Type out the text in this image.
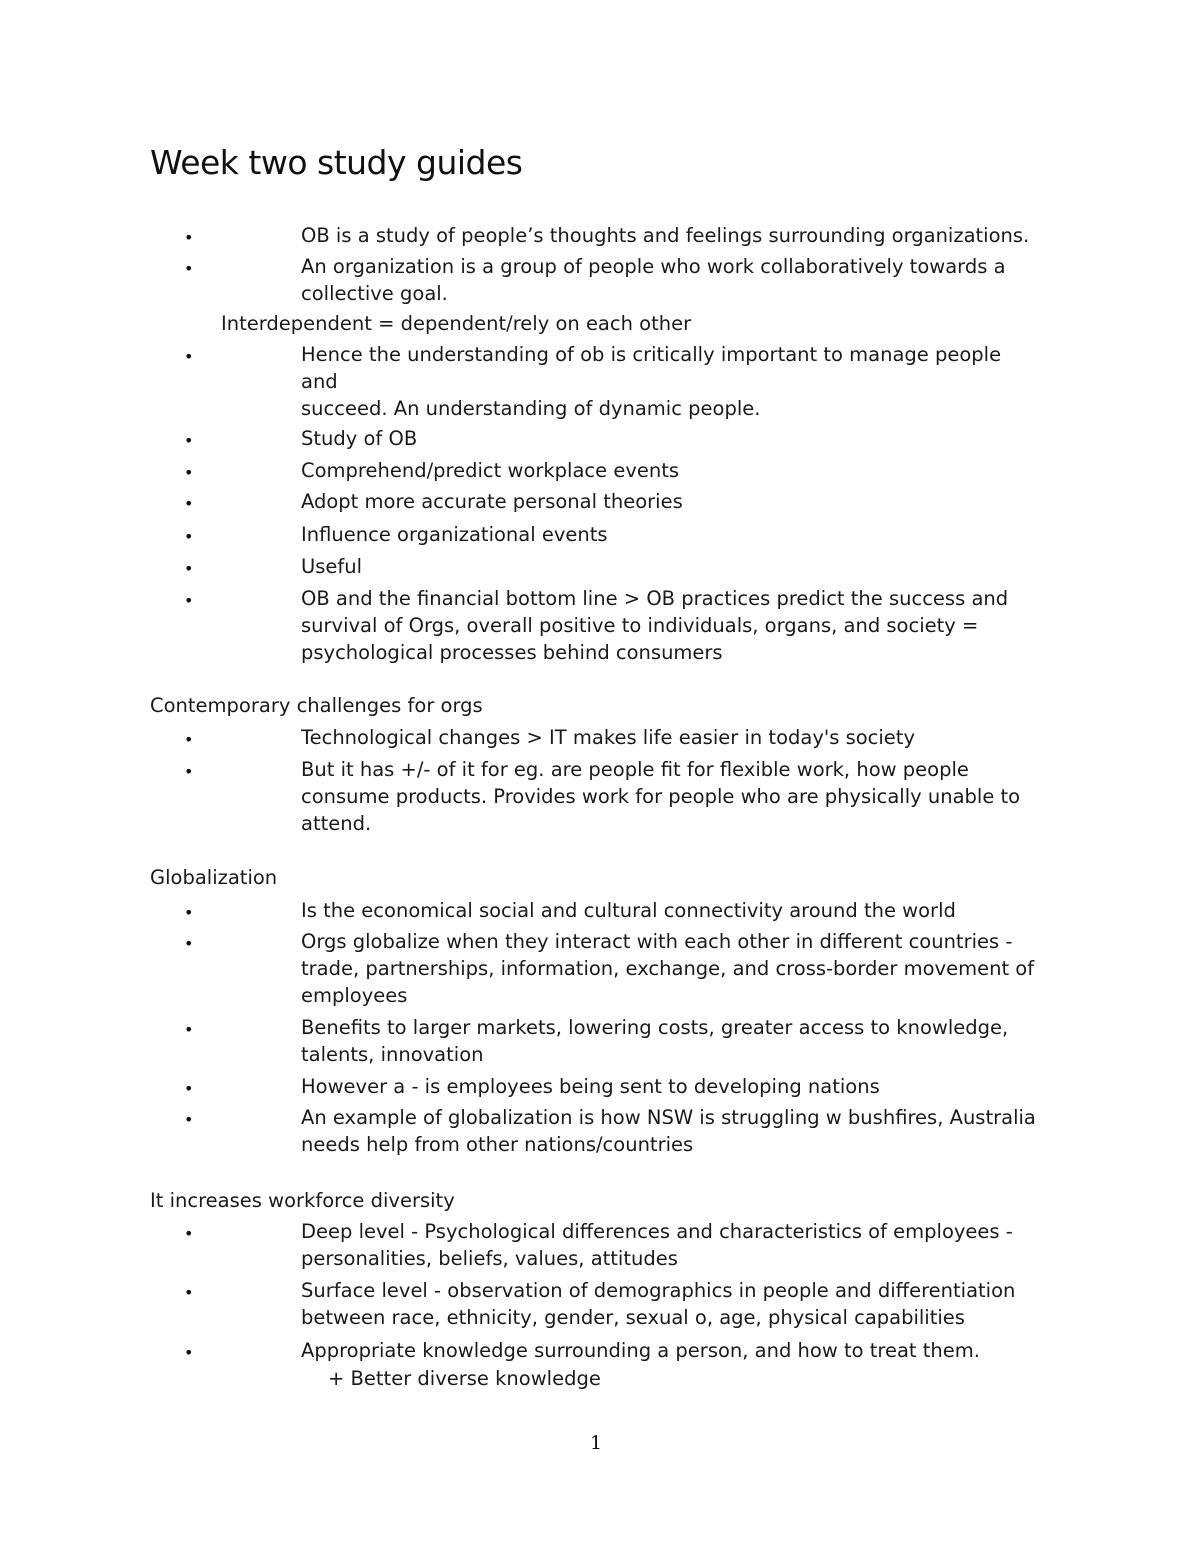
Week two study guides
•	OB is a study of people’s thoughts and feelings surrounding organizations.
•	An organization is a group of people who work collaboratively towards a
collective goal.
Interdependent = dependent/rely on each other
•	Hence the understanding of ob is critically important to manage people and
succeed. An understanding of dynamic people.
•	Study of OB
•	Comprehend/predict workplace events
•	Adopt more accurate personal theories
•	Influence organizational events
•	Useful
•	OB and the financial bottom line > OB practices predict the success and
survival of Orgs, overall positive to individuals, organs, and society =
psychological processes behind consumers
Contemporary challenges for orgs
•	Technological changes > IT makes life easier in today's society
•	But it has +/- of it for eg. are people fit for flexible work, how people
consume products. Provides work for people who are physically unable to
attend.
Globalization
•	Is the economical social and cultural connectivity around the world
•	Orgs globalize when they interact with each other in different countries -
trade, partnerships, information, exchange, and cross-border movement of
employees
•	Benefits to larger markets, lowering costs, greater access to knowledge,
talents, innovation
•	However a - is employees being sent to developing nations
•	An example of globalization is how NSW is struggling w bushfires, Australia
needs help from other nations/countries
It increases workforce diversity
•	Deep level - Psychological differences and characteristics of employees -
personalities, beliefs, values, attitudes
•	Surface level - observation of demographics in people and differentiation
between race, ethnicity, gender, sexual o, age, physical capabilities
•	Appropriate knowledge surrounding a person, and how to treat them.
+ Better diverse knowledge
1
